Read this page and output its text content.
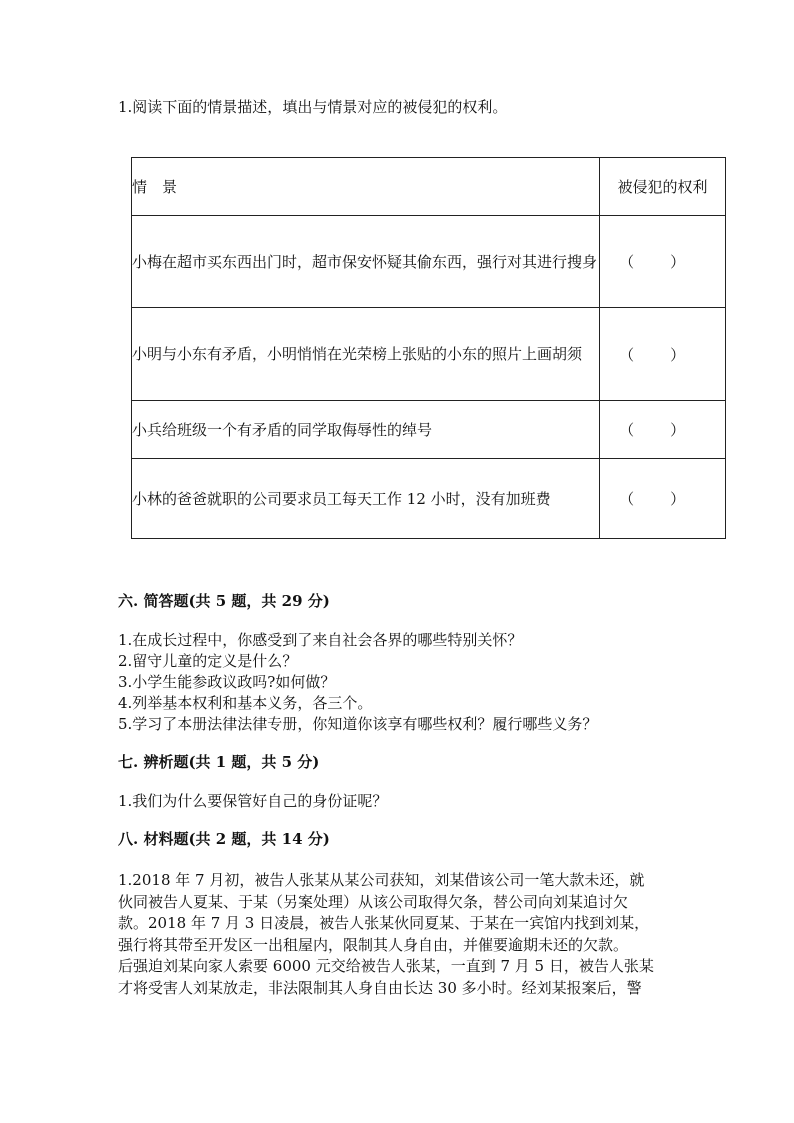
1.阅读下面的情景描述，填出与情景对应的被侵犯的权利。
情　景	被侵犯的权利
小梅在超市买东西出门时，超市保安怀疑其偷东西，强行对其进行搜身	（ ）

小明与小东有矛盾，小明悄悄在光荣榜上张贴的小东的照片上画胡须	（ ）

小兵给班级一个有矛盾的同学取侮辱性的绰号	（ ）

小林的爸爸就职的公司要求员工每天工作 12 小时，没有加班费	（ ）
六. 简答题(共 5 题，共 29 分)
1.在成长过程中，你感受到了来自社会各界的哪些特别关怀？
2.留守儿童的定义是什么？
3.小学生能参政议政吗?如何做？
4.列举基本权利和基本义务，各三个。
5.学习了本册法律法律专册，你知道你该享有哪些权利？履行哪些义务？
七. 辨析题(共 1 题，共 5 分)
1.我们为什么要保管好自己的身份证呢？
八. 材料题(共 2 题，共 14 分)
1.2018 年 7 月初，被告人张某从某公司获知，刘某借该公司一笔大款未还，就
伙同被告人夏某、于某（另案处理）从该公司取得欠条，替公司向刘某追讨欠
款。2018 年 7 月 3 日凌晨，被告人张某伙同夏某、于某在一宾馆内找到刘某，
强行将其带至开发区一出租屋内，限制其人身自由，并催要逾期未还的欠款。
后强迫刘某向家人索要 6000 元交给被告人张某，一直到 7 月 5 日，被告人张某
才将受害人刘某放走，非法限制其人身自由长达 30 多小时。经刘某报案后，警
